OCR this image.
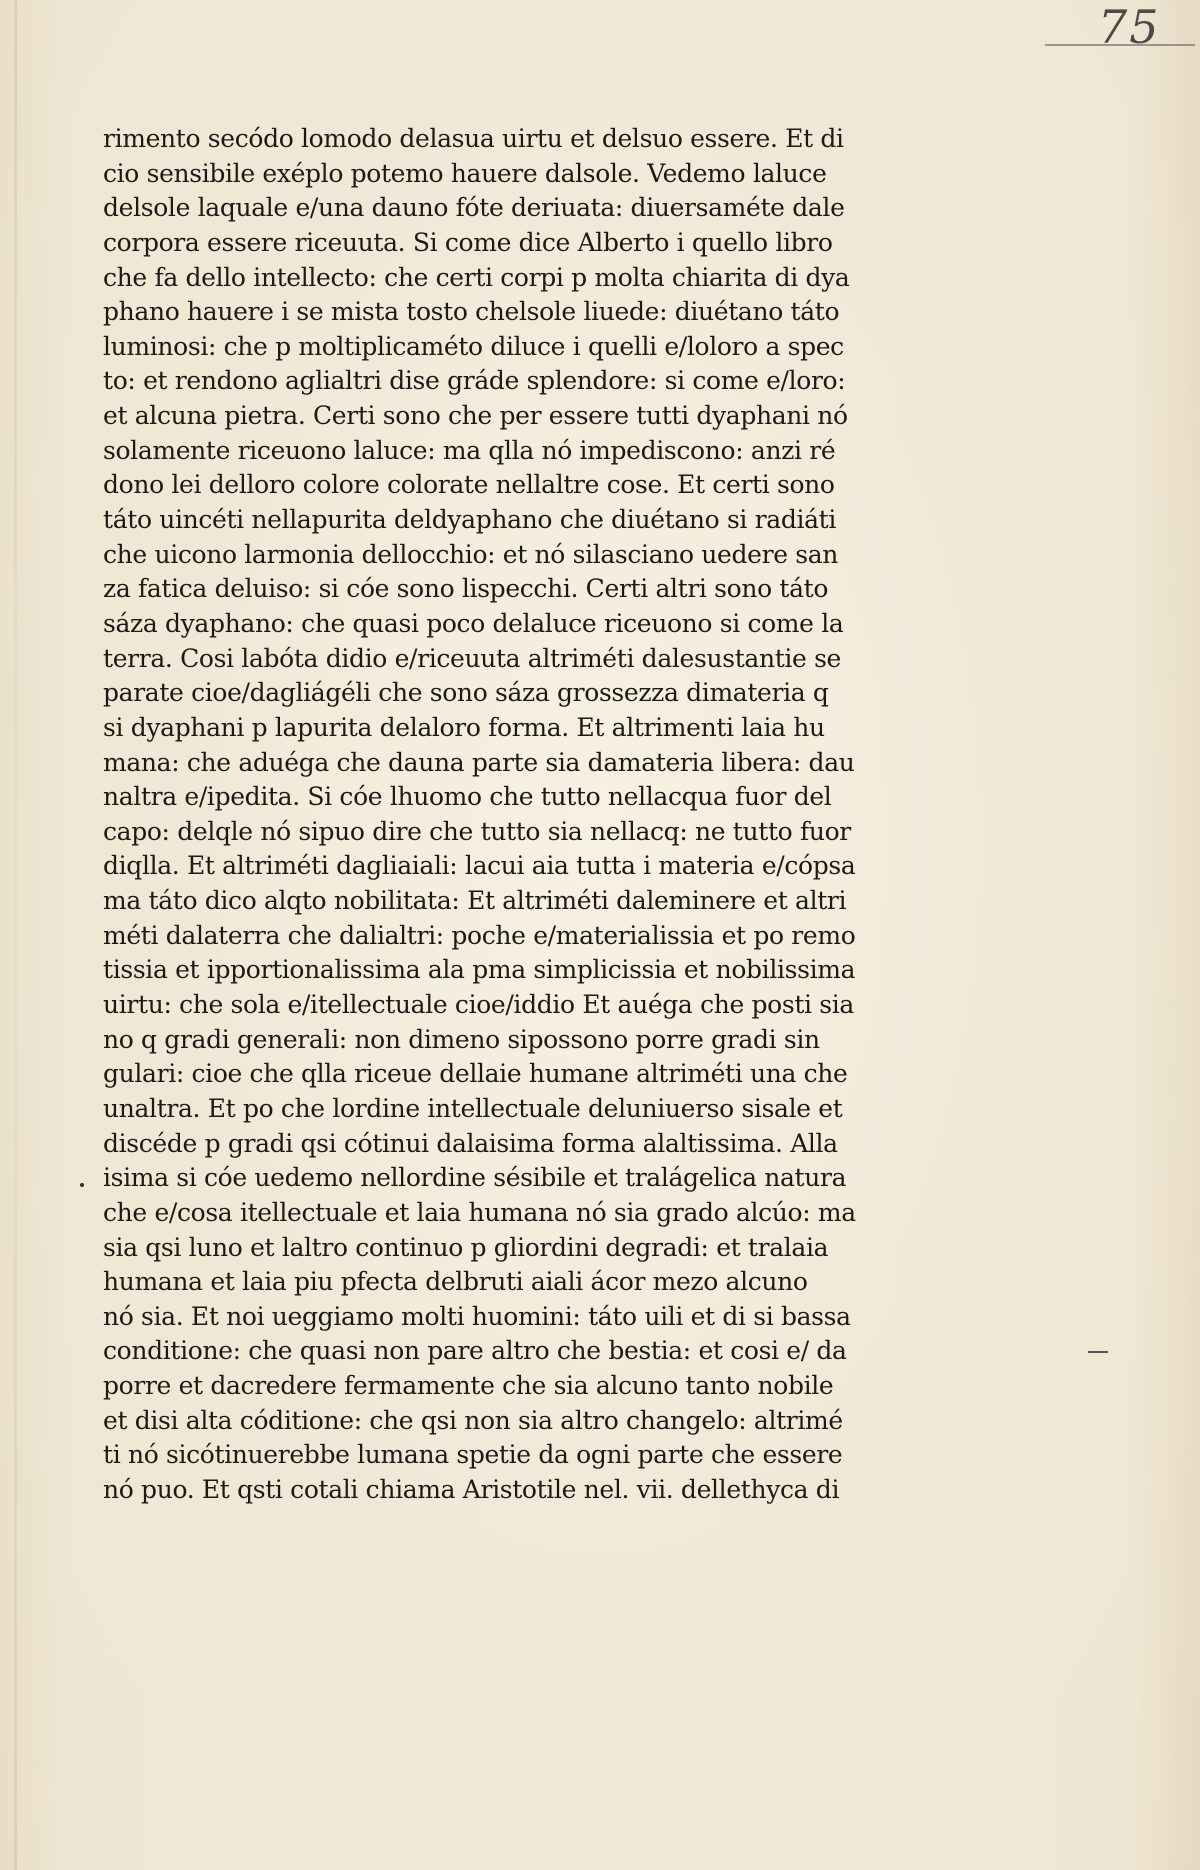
75
rimento secódo lomodo delasua uirtu et delsuo essere. Et di
cio sensibile exéplo potemo hauere dalsole. Vedemo laluce
delsole laquale e/una dauno fóte deriuata: diuersaméte dale
corpora essere riceuuta. Si come dice Alberto i quello libro
che fa dello intellecto: che certi corpi p molta chiarita di dya
phano hauere i se mista tosto chelsole liuede: diuétano táto
luminosi: che p moltiplicaméto diluce i quelli e/loloro a spec
to: et rendono aglialtri dise gráde splendore: si come e/loro:
et alcuna pietra. Certi sono che per essere tutti dyaphani nó
solamente riceuono laluce: ma qlla nó impediscono: anzi ré
dono lei delloro colore colorate nellaltre cose. Et certi sono
táto uincéti nellapurita deldyaphano che diuétano si radiáti
che uicono larmonia dellocchio: et nó silasciano uedere san
za fatica deluiso: si cóe sono lispecchi. Certi altri sono táto
sáza dyaphano: che quasi poco delaluce riceuono si come la
terra. Cosi labóta didio e/riceuuta altriméti dalesustantie se
parate cioe/dagliágéli che sono sáza grossezza dimateria q
si dyaphani p lapurita delaloro forma. Et altrimenti laia hu
mana: che aduéga che dauna parte sia damateria libera: dau
naltra e/ipedita. Si cóe lhuomo che tutto nellacqua fuor del
capo: delqle nó sipuo dire che tutto sia nellacq: ne tutto fuor
diqlla. Et altriméti dagliaiali: lacui aia tutta i materia e/cópsa
ma táto dico alqto nobilitata: Et altriméti daleminere et altri
méti dalaterra che dalialtri: poche e/materialissia et po remo
tissia et ipportionalissima ala pma simplicissia et nobilissima
uirtu: che sola e/itellectuale cioe/iddio Et auéga che posti sia
no q gradi generali: non dimeno sipossono porre gradi sin
gulari: cioe che qlla riceue dellaie humane altriméti una che
unaltra. Et po che lordine intellectuale deluniuerso sisale et
discéde p gradi qsi cótinui dalaisima forma alaltissima. Alla
isima si cóe uedemo nellordine sésibile et tralágelica natura
che e/cosa itellectuale et laia humana nó sia grado alcúo: ma
sia qsi luno et laltro continuo p gliordini degradi: et tralaia
humana et laia piu pfecta delbruti aiali ácor mezo alcuno
nó sia. Et noi ueggiamo molti huomini: táto uili et di si bassa
conditione: che quasi non pare altro che bestia: et cosi e/ da
porre et dacredere fermamente che sia alcuno tanto nobile
et disi alta códitione: che qsi non sia altro changelo: altrimé
ti nó sicótinuerebbe lumana spetie da ogni parte che essere
nó puo. Et qsti cotali chiama Aristotile nel. vii. dellethyca di
